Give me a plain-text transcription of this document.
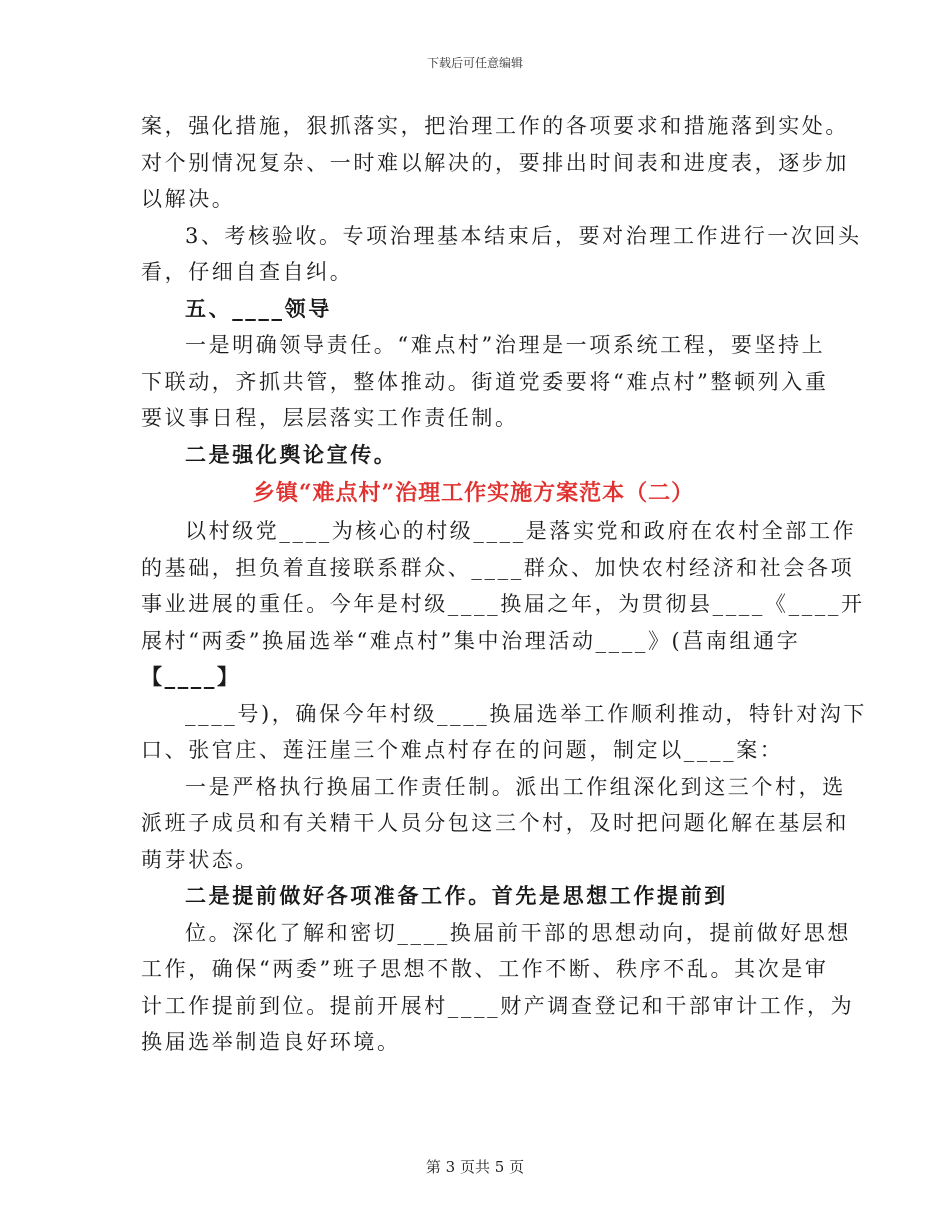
下载后可任意编辑
案，强化措施，狠抓落实，把治理工作的各项要求和措施落到实处。
对个别情况复杂、一时难以解决的，要排出时间表和进度表，逐步加
以解决。
3、考核验收。专项治理基本结束后，要对治理工作进行一次回头
看，仔细自查自纠。
五、____领导
一是明确领导责任。“难点村”治理是一项系统工程，要坚持上
下联动，齐抓共管，整体推动。街道党委要将“难点村”整顿列入重
要议事日程，层层落实工作责任制。
二是强化舆论宣传。
乡镇“难点村”治理工作实施方案范本（二）
以村级党____为核心的村级____是落实党和政府在农村全部工作
的基础，担负着直接联系群众、____群众、加快农村经济和社会各项
事业进展的重任。今年是村级____换届之年，为贯彻县____《____开
展村“两委”换届选举“难点村”集中治理活动____》(莒南组通字
【____】
____号)，确保今年村级____换届选举工作顺利推动，特针对沟下
口、张官庄、莲汪崖三个难点村存在的问题，制定以____案：
一是严格执行换届工作责任制。派出工作组深化到这三个村，选
派班子成员和有关精干人员分包这三个村，及时把问题化解在基层和
萌芽状态。
二是提前做好各项准备工作。首先是思想工作提前到
位。深化了解和密切____换届前干部的思想动向，提前做好思想
工作，确保“两委”班子思想不散、工作不断、秩序不乱。其次是审
计工作提前到位。提前开展村____财产调查登记和干部审计工作，为
换届选举制造良好环境。
第 3 页共 5 页
